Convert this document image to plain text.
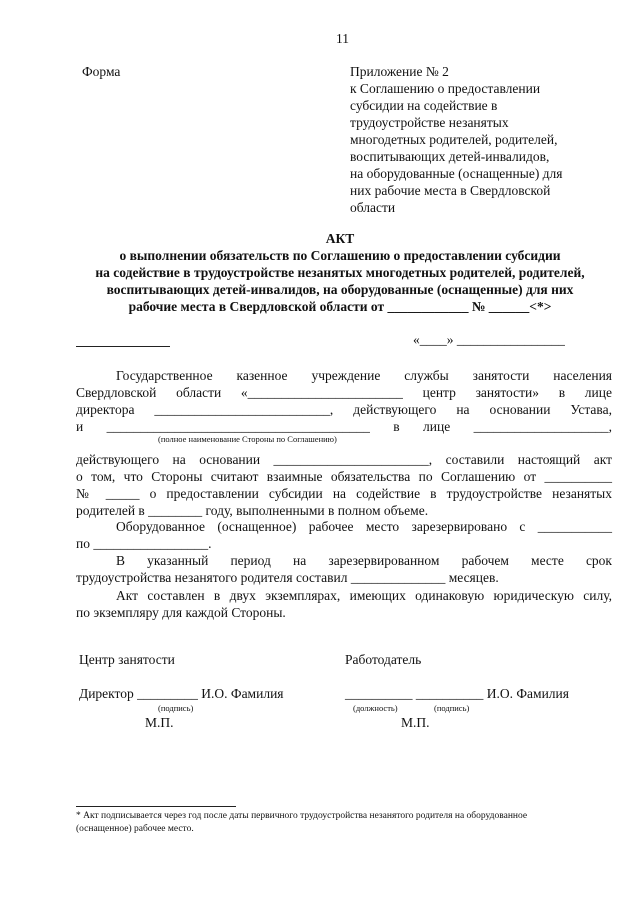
11
Форма	Приложение № 2
к Соглашению о предоставлении
субсидии на содействие в
трудоустройстве незанятых
многодетных родителей, родителей,
воспитывающих детей-инвалидов,
на оборудованные (оснащенные) для
них рабочие места в Свердловской
области
АКТ
о выполнении обязательств по Соглашению о предоставлении субсидии
на содействие в трудоустройстве незанятых многодетных родителей, родителей,
воспитывающих детей-инвалидов, на оборудованные (оснащенные) для них
рабочие места в Свердловской области от ____________ № ______<*>
«____» ________________
Государственное казенное учреждение службы занятости населения
Свердловской области «_______________________ центр занятости» в лице
директора __________________________, действующего на основании Устава,
и _______________________________________ в лице ____________________,
(полное наименование Стороны по Соглашению)
действующего на основании _______________________, составили настоящий акт
о том, что Стороны считают взаимные обязательства по Соглашению от __________
№ _____ о предоставлении субсидии на содействие в трудоустройстве незанятых
родителей в ________ году, выполненными в полном объеме.
Оборудованное (оснащенное) рабочее место зарезервировано с ___________
по _________________.
В указанный период на зарезервированном рабочем месте срок
трудоустройства незанятого родителя составил ______________ месяцев.
Акт составлен в двух экземплярах, имеющих одинаковую юридическую силу,
по экземпляру для каждой Стороны.
Центр занятости
Директор _________ И.О. Фамилия
(подпись)
М.П.
Работодатель
__________ __________ И.О. Фамилия
(должность)	(подпись)
М.П.
* Акт подписывается через год после даты первичного трудоустройства незанятого родителя на оборудованное
(оснащенное) рабочее место.
